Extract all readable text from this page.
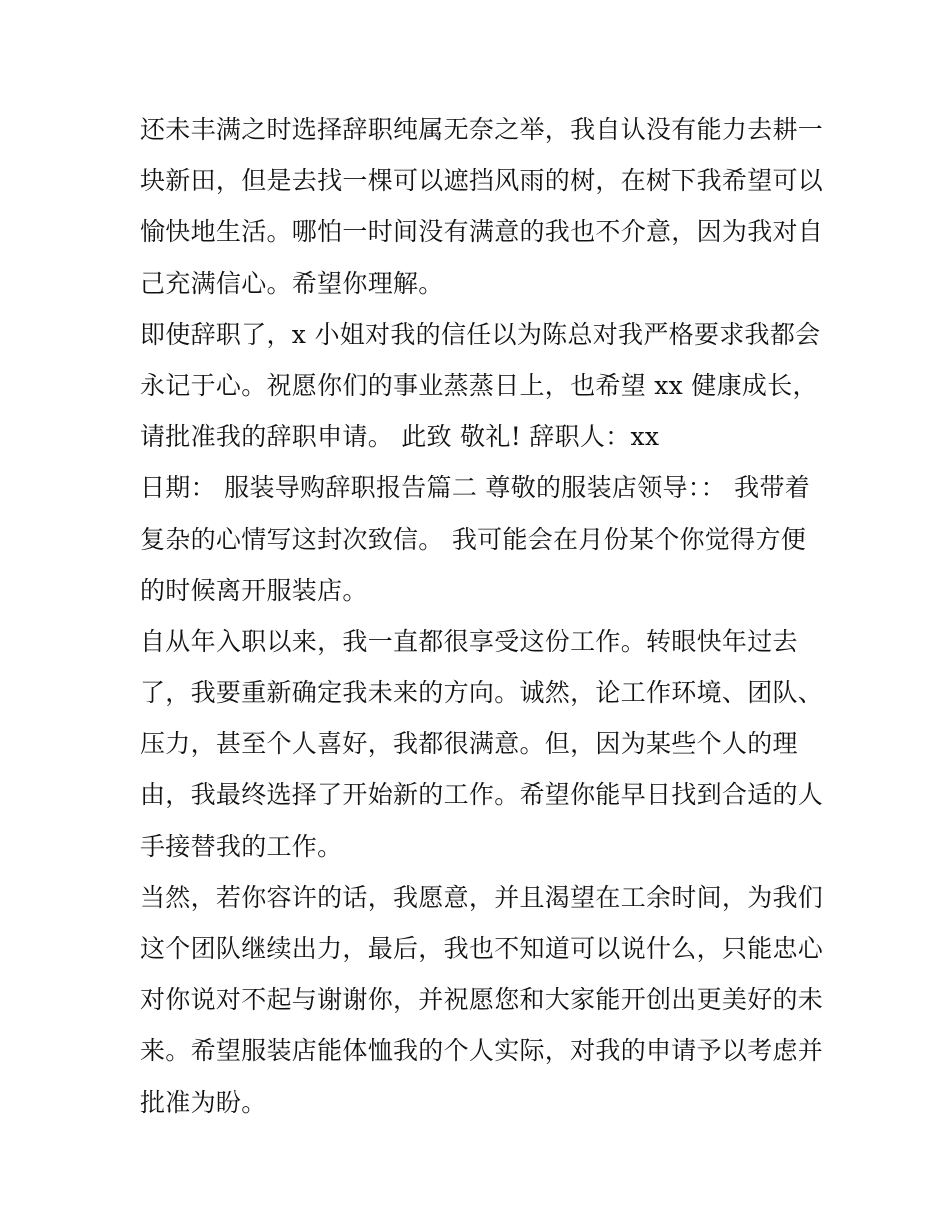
还未丰满之时选择辞职纯属无奈之举，我自认没有能力去耕一
块新田，但是去找一棵可以遮挡风雨的树，在树下我希望可以
愉快地生活。哪怕一时间没有满意的我也不介意，因为我对自
己充满信心。希望你理解。
即使辞职了，x 小姐对我的信任以为陈总对我严格要求我都会
永记于心。祝愿你们的事业蒸蒸日上，也希望 xx 健康成长，
请批准我的辞职申请。 此致 敬礼! 辞职人：xx
日期： 服装导购辞职报告篇二 尊敬的服装店领导：： 我带着
复杂的心情写这封次致信。 我可能会在月份某个你觉得方便
的时候离开服装店。
自从年入职以来，我一直都很享受这份工作。转眼快年过去
了，我要重新确定我未来的方向。诚然，论工作环境、团队、
压力，甚至个人喜好，我都很满意。但，因为某些个人的理
由，我最终选择了开始新的工作。希望你能早日找到合适的人
手接替我的工作。
当然，若你容许的话，我愿意，并且渴望在工余时间，为我们
这个团队继续出力，最后，我也不知道可以说什么，只能忠心
对你说对不起与谢谢你，并祝愿您和大家能开创出更美好的未
来。希望服装店能体恤我的个人实际，对我的申请予以考虑并
批准为盼。
